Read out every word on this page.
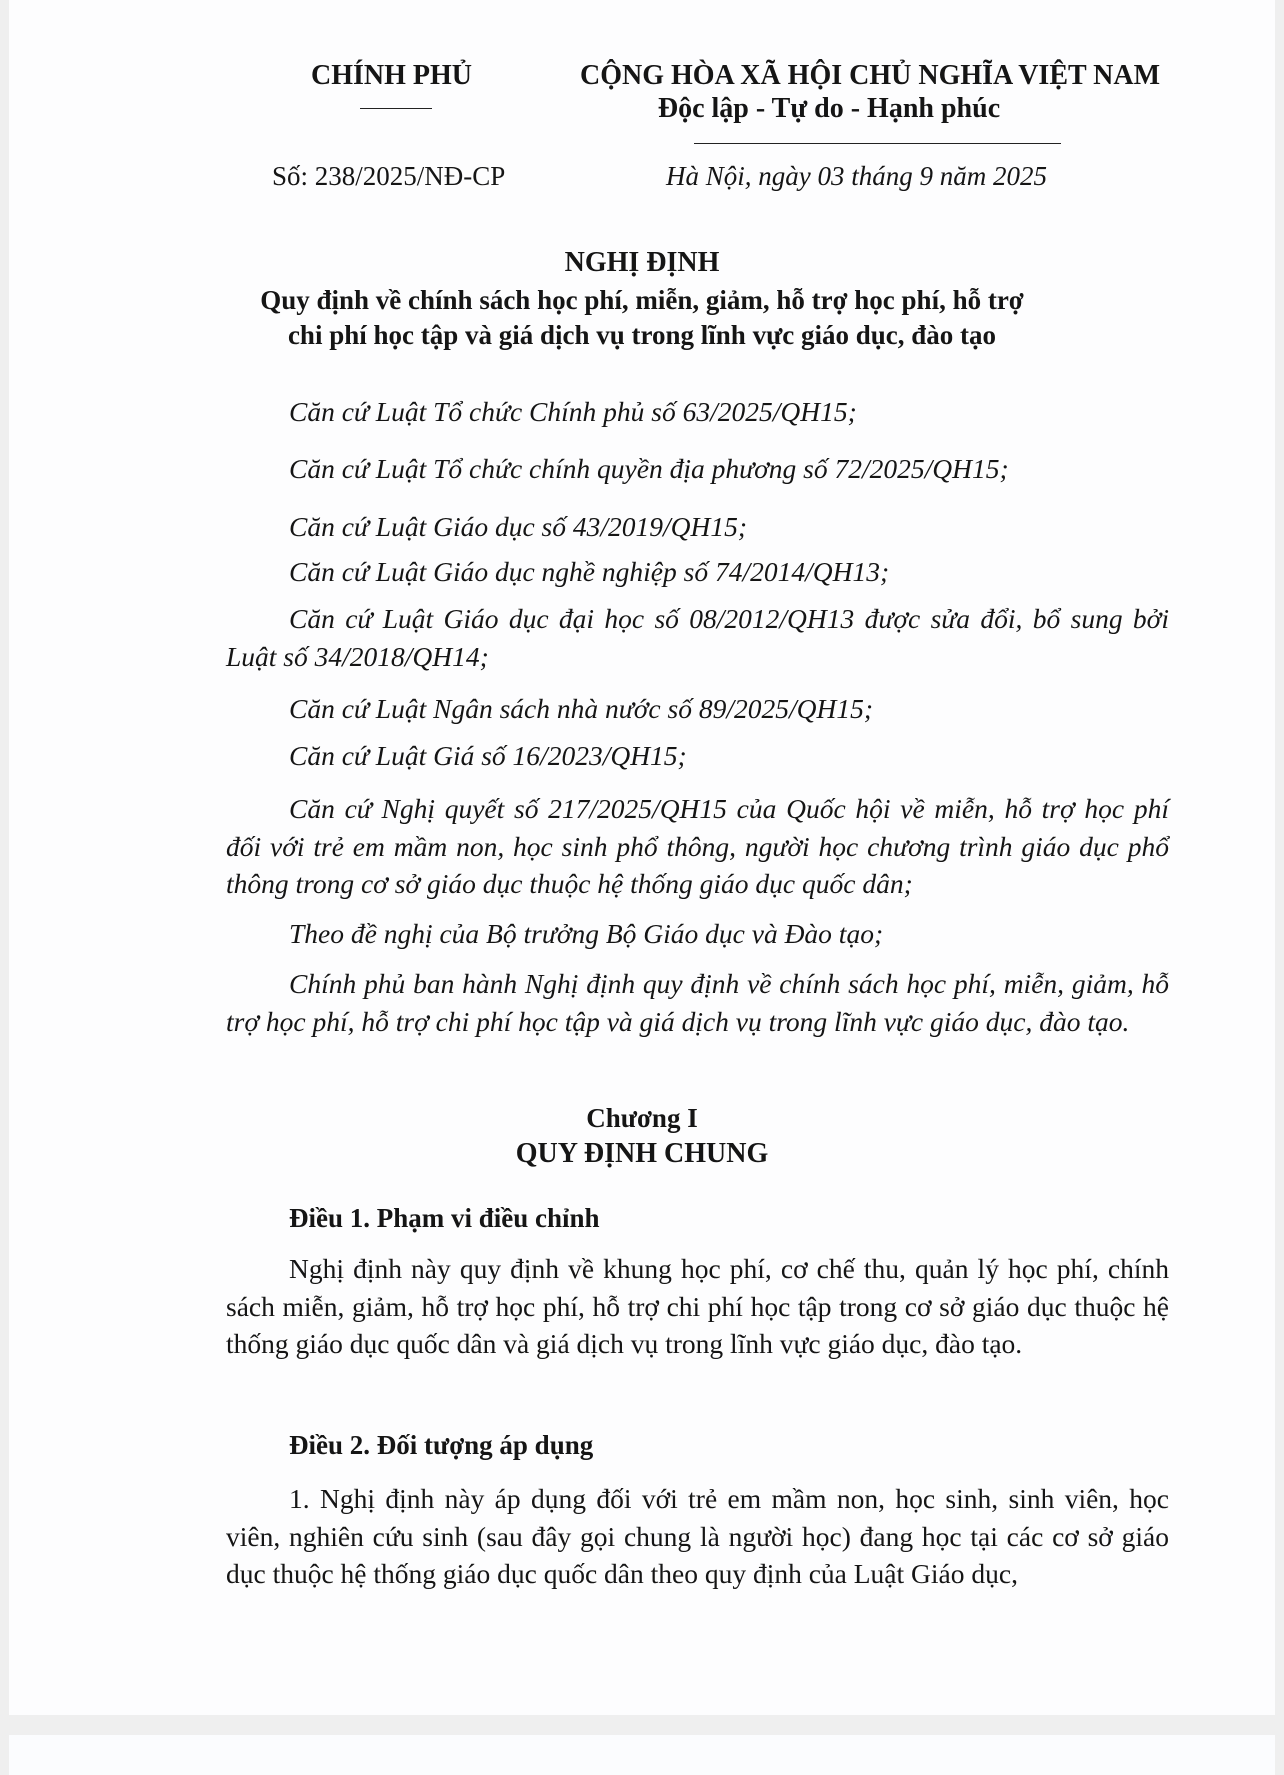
CHÍNH PHỦ	CỘNG HÒA XÃ HỘI CHỦ NGHĨA VIỆT NAM
Độc lập - Tự do - Hạnh phúc
Số: 238/2025/NĐ-CP	Hà Nội, ngày 03 tháng 9 năm 2025
NGHỊ ĐỊNH
Quy định về chính sách học phí, miễn, giảm, hỗ trợ học phí, hỗ trợ
chi phí học tập và giá dịch vụ trong lĩnh vực giáo dục, đào tạo
Căn cứ Luật Tổ chức Chính phủ số 63/2025/QH15;
Căn cứ Luật Tổ chức chính quyền địa phương số 72/2025/QH15;
Căn cứ Luật Giáo dục số 43/2019/QH15;
Căn cứ Luật Giáo dục nghề nghiệp số 74/2014/QH13;
Căn cứ Luật Giáo dục đại học số 08/2012/QH13 được sửa đổi, bổ sung bởi Luật số 34/2018/QH14;
Căn cứ Luật Ngân sách nhà nước số 89/2025/QH15;
Căn cứ Luật Giá số 16/2023/QH15;
Căn cứ Nghị quyết số 217/2025/QH15 của Quốc hội về miễn, hỗ trợ học phí đối với trẻ em mầm non, học sinh phổ thông, người học chương trình giáo dục phổ thông trong cơ sở giáo dục thuộc hệ thống giáo dục quốc dân;
Theo đề nghị của Bộ trưởng Bộ Giáo dục và Đào tạo;
Chính phủ ban hành Nghị định quy định về chính sách học phí, miễn, giảm, hỗ trợ học phí, hỗ trợ chi phí học tập và giá dịch vụ trong lĩnh vực giáo dục, đào tạo.
Chương I
QUY ĐỊNH CHUNG
Điều 1. Phạm vi điều chỉnh
Nghị định này quy định về khung học phí, cơ chế thu, quản lý học phí, chính sách miễn, giảm, hỗ trợ học phí, hỗ trợ chi phí học tập trong cơ sở giáo dục thuộc hệ thống giáo dục quốc dân và giá dịch vụ trong lĩnh vực giáo dục, đào tạo.
Điều 2. Đối tượng áp dụng
1. Nghị định này áp dụng đối với trẻ em mầm non, học sinh, sinh viên, học viên, nghiên cứu sinh (sau đây gọi chung là người học) đang học tại các cơ sở giáo dục thuộc hệ thống giáo dục quốc dân theo quy định của Luật Giáo dục,
